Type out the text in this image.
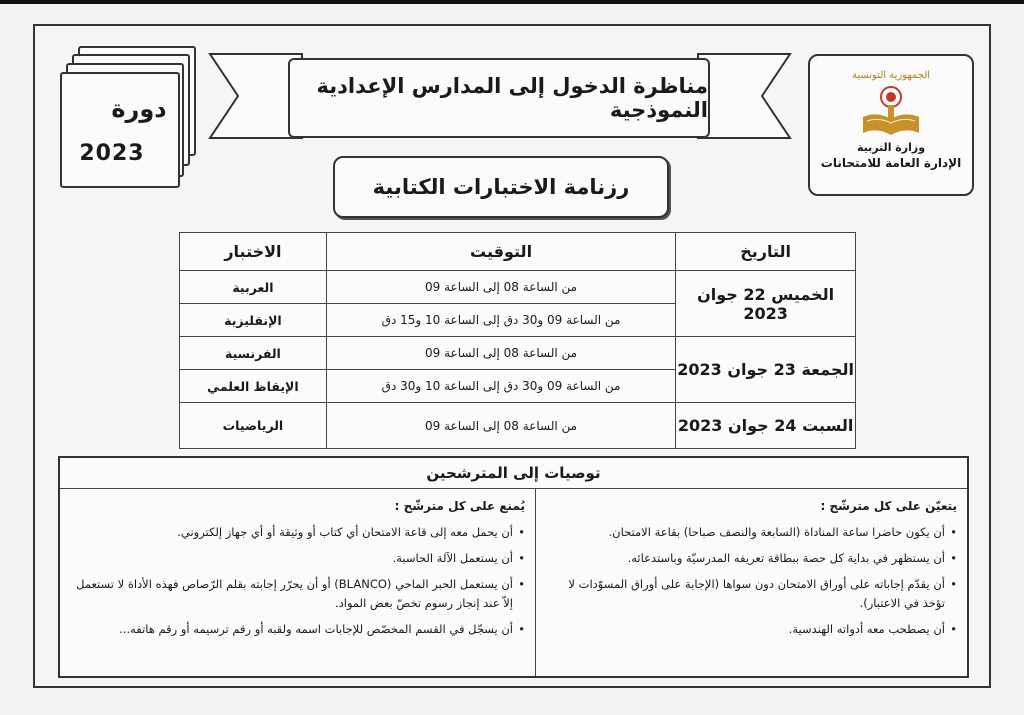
دورة
2023
مناظرة الدخول إلى المدارس الإعدادية النموذجية
الجمهورية التونسية
وزارة التربية
الإدارة العامة للامتحانات
رزنامة الاختبارات الكتابية
التاريخ	التوقيت	الاختبار
الخميس 22 جوان 2023	من الساعة 08 إلى الساعة 09	العربية
	من الساعة 09 و30 دق إلى الساعة 10 و15 دق	الإنقليزية
الجمعة 23 جوان 2023	من الساعة 08 إلى الساعة 09	الفرنسية
	من الساعة 09 و30 دق إلى الساعة 10 و30 دق	الإيقاظ العلمي
السبت 24 جوان 2023	من الساعة 08 إلى الساعة 09	الرياضيات
توصيات إلى المترشحين
يتعيّن على كل مترشّح :
• أن يكون حاضرا ساعة المناداة (السابعة والنصف صباحا) بقاعة الامتحان.
• أن يستظهر في بداية كل حصة ببطاقة تعريفه المدرسيّة وباستدعائه.
• أن يقدّم إجاباته على أوراق الامتحان دون سواها (الإجابة على أوراق المسوّدات لا تؤخذ في الاعتبار).
• أن يصطحب معه أدواته الهندسية.
يُمنع على كل مترشّح :
• أن يحمل معه إلى قاعة الامتحان أي كتاب أو وثيقة أو أي جهاز إلكتروني.
• أن يستعمل الآلة الحاسبة.
• أن يستعمل الحبر الماحي (BLANCO) أو أن يحرّر إجابته بقلم الرّصاص فهذه الأداة لا تستعمل إلاّ عند إنجاز رسوم تخصّ بعض المواد.
• أن يسجّل في القسم المخصّص للإجابات اسمه ولقبه أو رقم ترسيمه أو رقم هاتفه...
